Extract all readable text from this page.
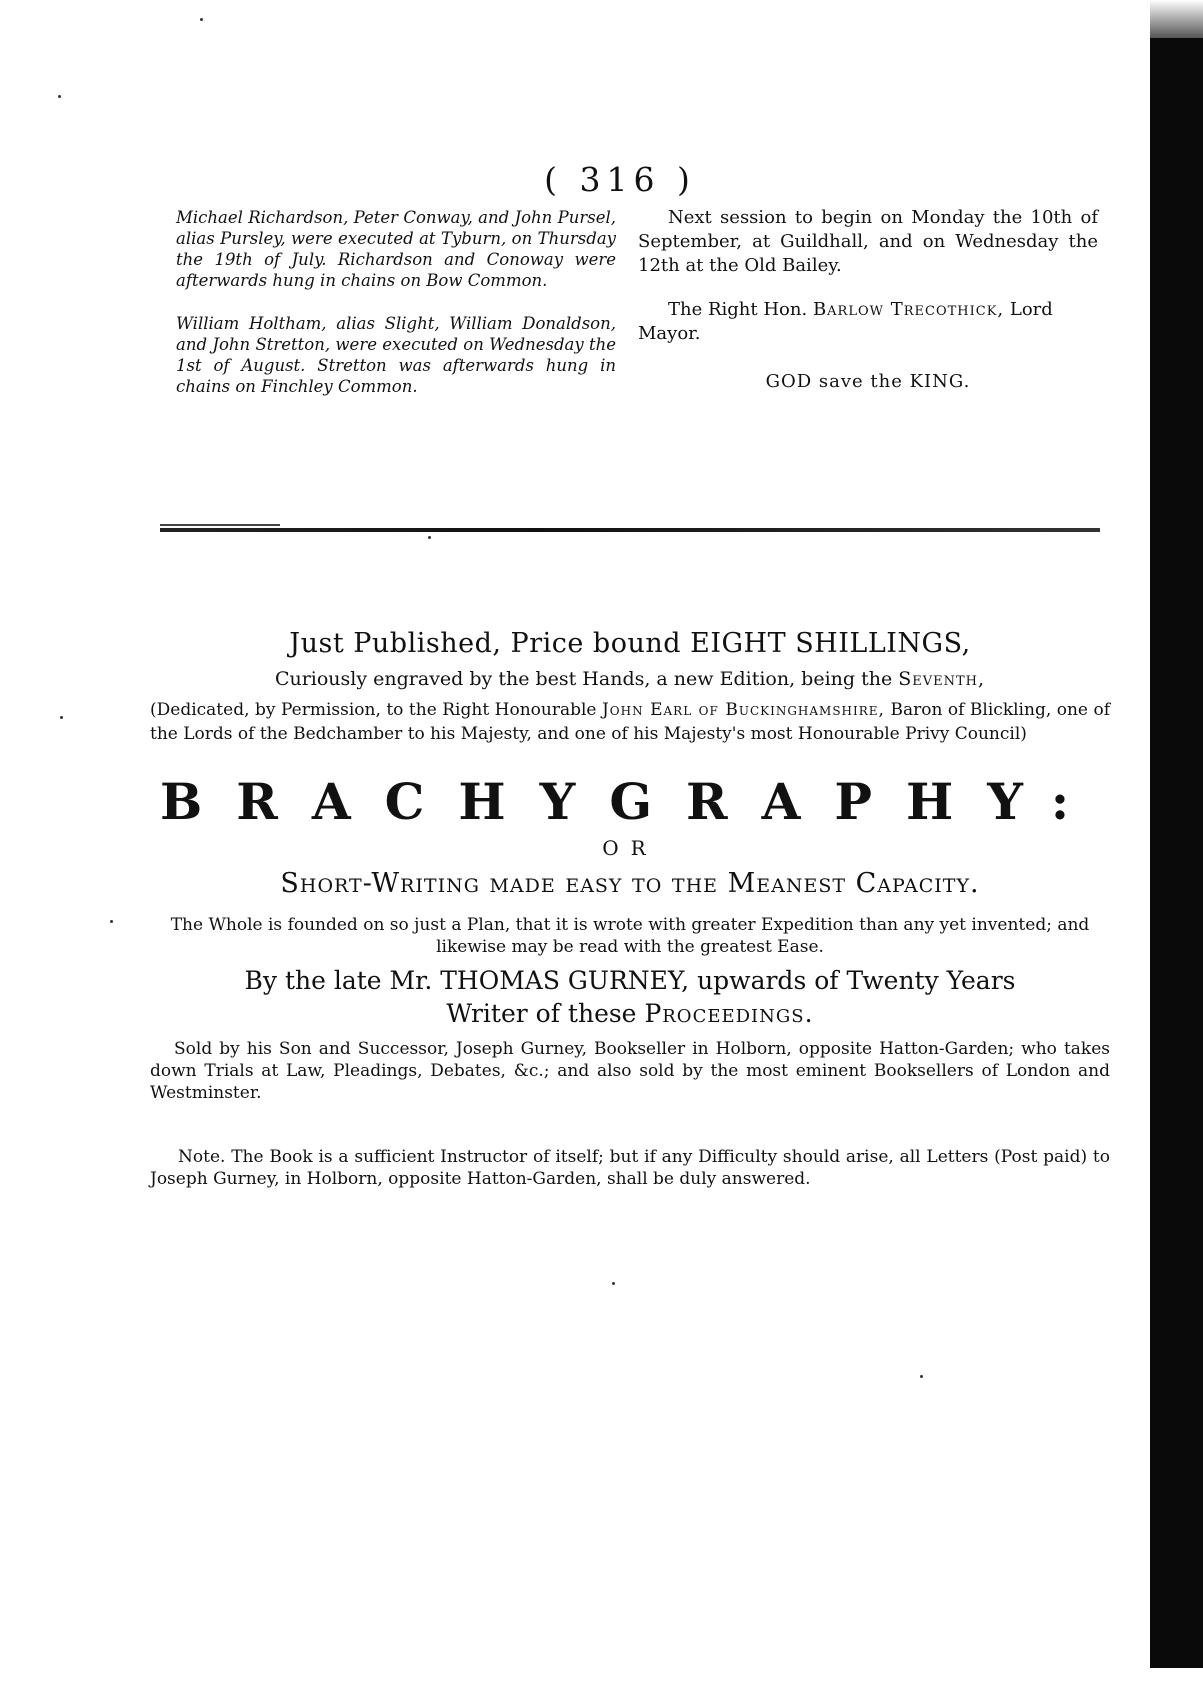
( 316 )

Michael Richardson, Peter Conway, and John Pursel, alias Pursley, were executed at Tyburn, on Thursday the 19th of July. Richardson and Conoway were afterwards hung in chains on Bow Common.

William Holtham, alias Slight, William Donaldson, and John Stretton, were executed on Wednesday the 1st of August. Stretton was afterwards hung in chains on Finchley Common.

Next session to begin on Monday the 10th of September, at Guildhall, and on Wednesday the 12th at the Old Bailey.

The Right Hon. Barlow Trecothick, Lord Mayor.

GOD save the KING.

Just Published, Price bound EIGHT SHILLINGS,
Curiously engraved by the best Hands, a new Edition, being the Seventh,
(Dedicated, by Permission, to the Right Honourable John Earl of Buckinghamshire, Baron of Blickling, one of the Lords of the Bedchamber to his Majesty, and one of his Majesty's most Honourable Privy Council)
BRACHYGRAPHY:
OR
Short-Writing made easy to the Meanest Capacity.
The Whole is founded on so just a Plan, that it is wrote with greater Expedition than any yet invented; and likewise may be read with the greatest Ease.
By the late Mr. THOMAS GURNEY, upwards of Twenty Years
Writer of these Proceedings.
Sold by his Son and Successor, Joseph Gurney, Bookseller in Holborn, opposite Hatton-Garden; who takes down Trials at Law, Pleadings, Debates, &c.; and also sold by the most eminent Booksellers of London and Westminster.
Note. The Book is a sufficient Instructor of itself; but if any Difficulty should arise, all Letters (Post paid) to Joseph Gurney, in Holborn, opposite Hatton-Garden, shall be duly answered.
